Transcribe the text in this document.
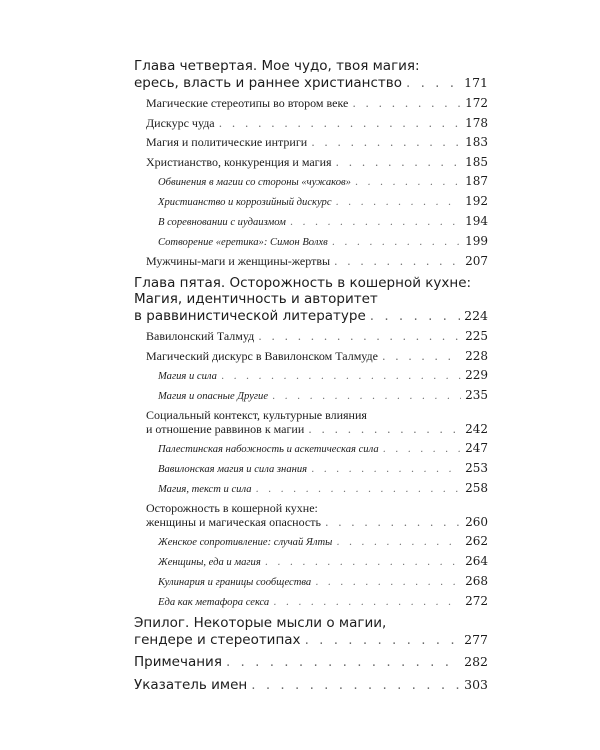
Глава четвертая. Мое чудо, твоя магия:
ересь, власть и раннее христианство . . .	171
Магические стереотипы во втором веке . . .	172
Дискурс чуда . . .	178
Магия и политические интриги . . .	183
Христианство, конкуренция и магия . . .	185
Обвинения в магии со стороны «чужаков» . . .	187
Христианство и коррозийный дискурс . . .	192
В соревновании с иудаизмом . . .	194
Сотворение «еретика»: Симон Волхв . . .	199
Мужчины-маги и женщины-жертвы . . .	207
Глава пятая. Осторожность в кошерной кухне:
Магия, идентичность и авторитет
в раввинистической литературе . . .	224
Вавилонский Талмуд . . .	225
Магический дискурс в Вавилонском Талмуде . . .	228
Магия и сила . . .	229
Магия и опасные Другие . . .	235
Социальный контекст, культурные влияния
и отношение раввинов к магии . . .	242
Палестинская набожность и аскетическая сила . . .	247
Вавилонская магия и сила знания . . .	253
Магия, текст и сила . . .	258
Осторожность в кошерной кухне:
женщины и магическая опасность . . .	260
Женское сопротивление: случай Ялты . . .	262
Женщины, еда и магия . . .	264
Кулинария и границы сообщества . . .	268
Еда как метафора секса . . .	272
Эпилог. Некоторые мысли о магии,
гендере и стереотипах . . .	277
Примечания . . .	282
Указатель имен . . .	303
